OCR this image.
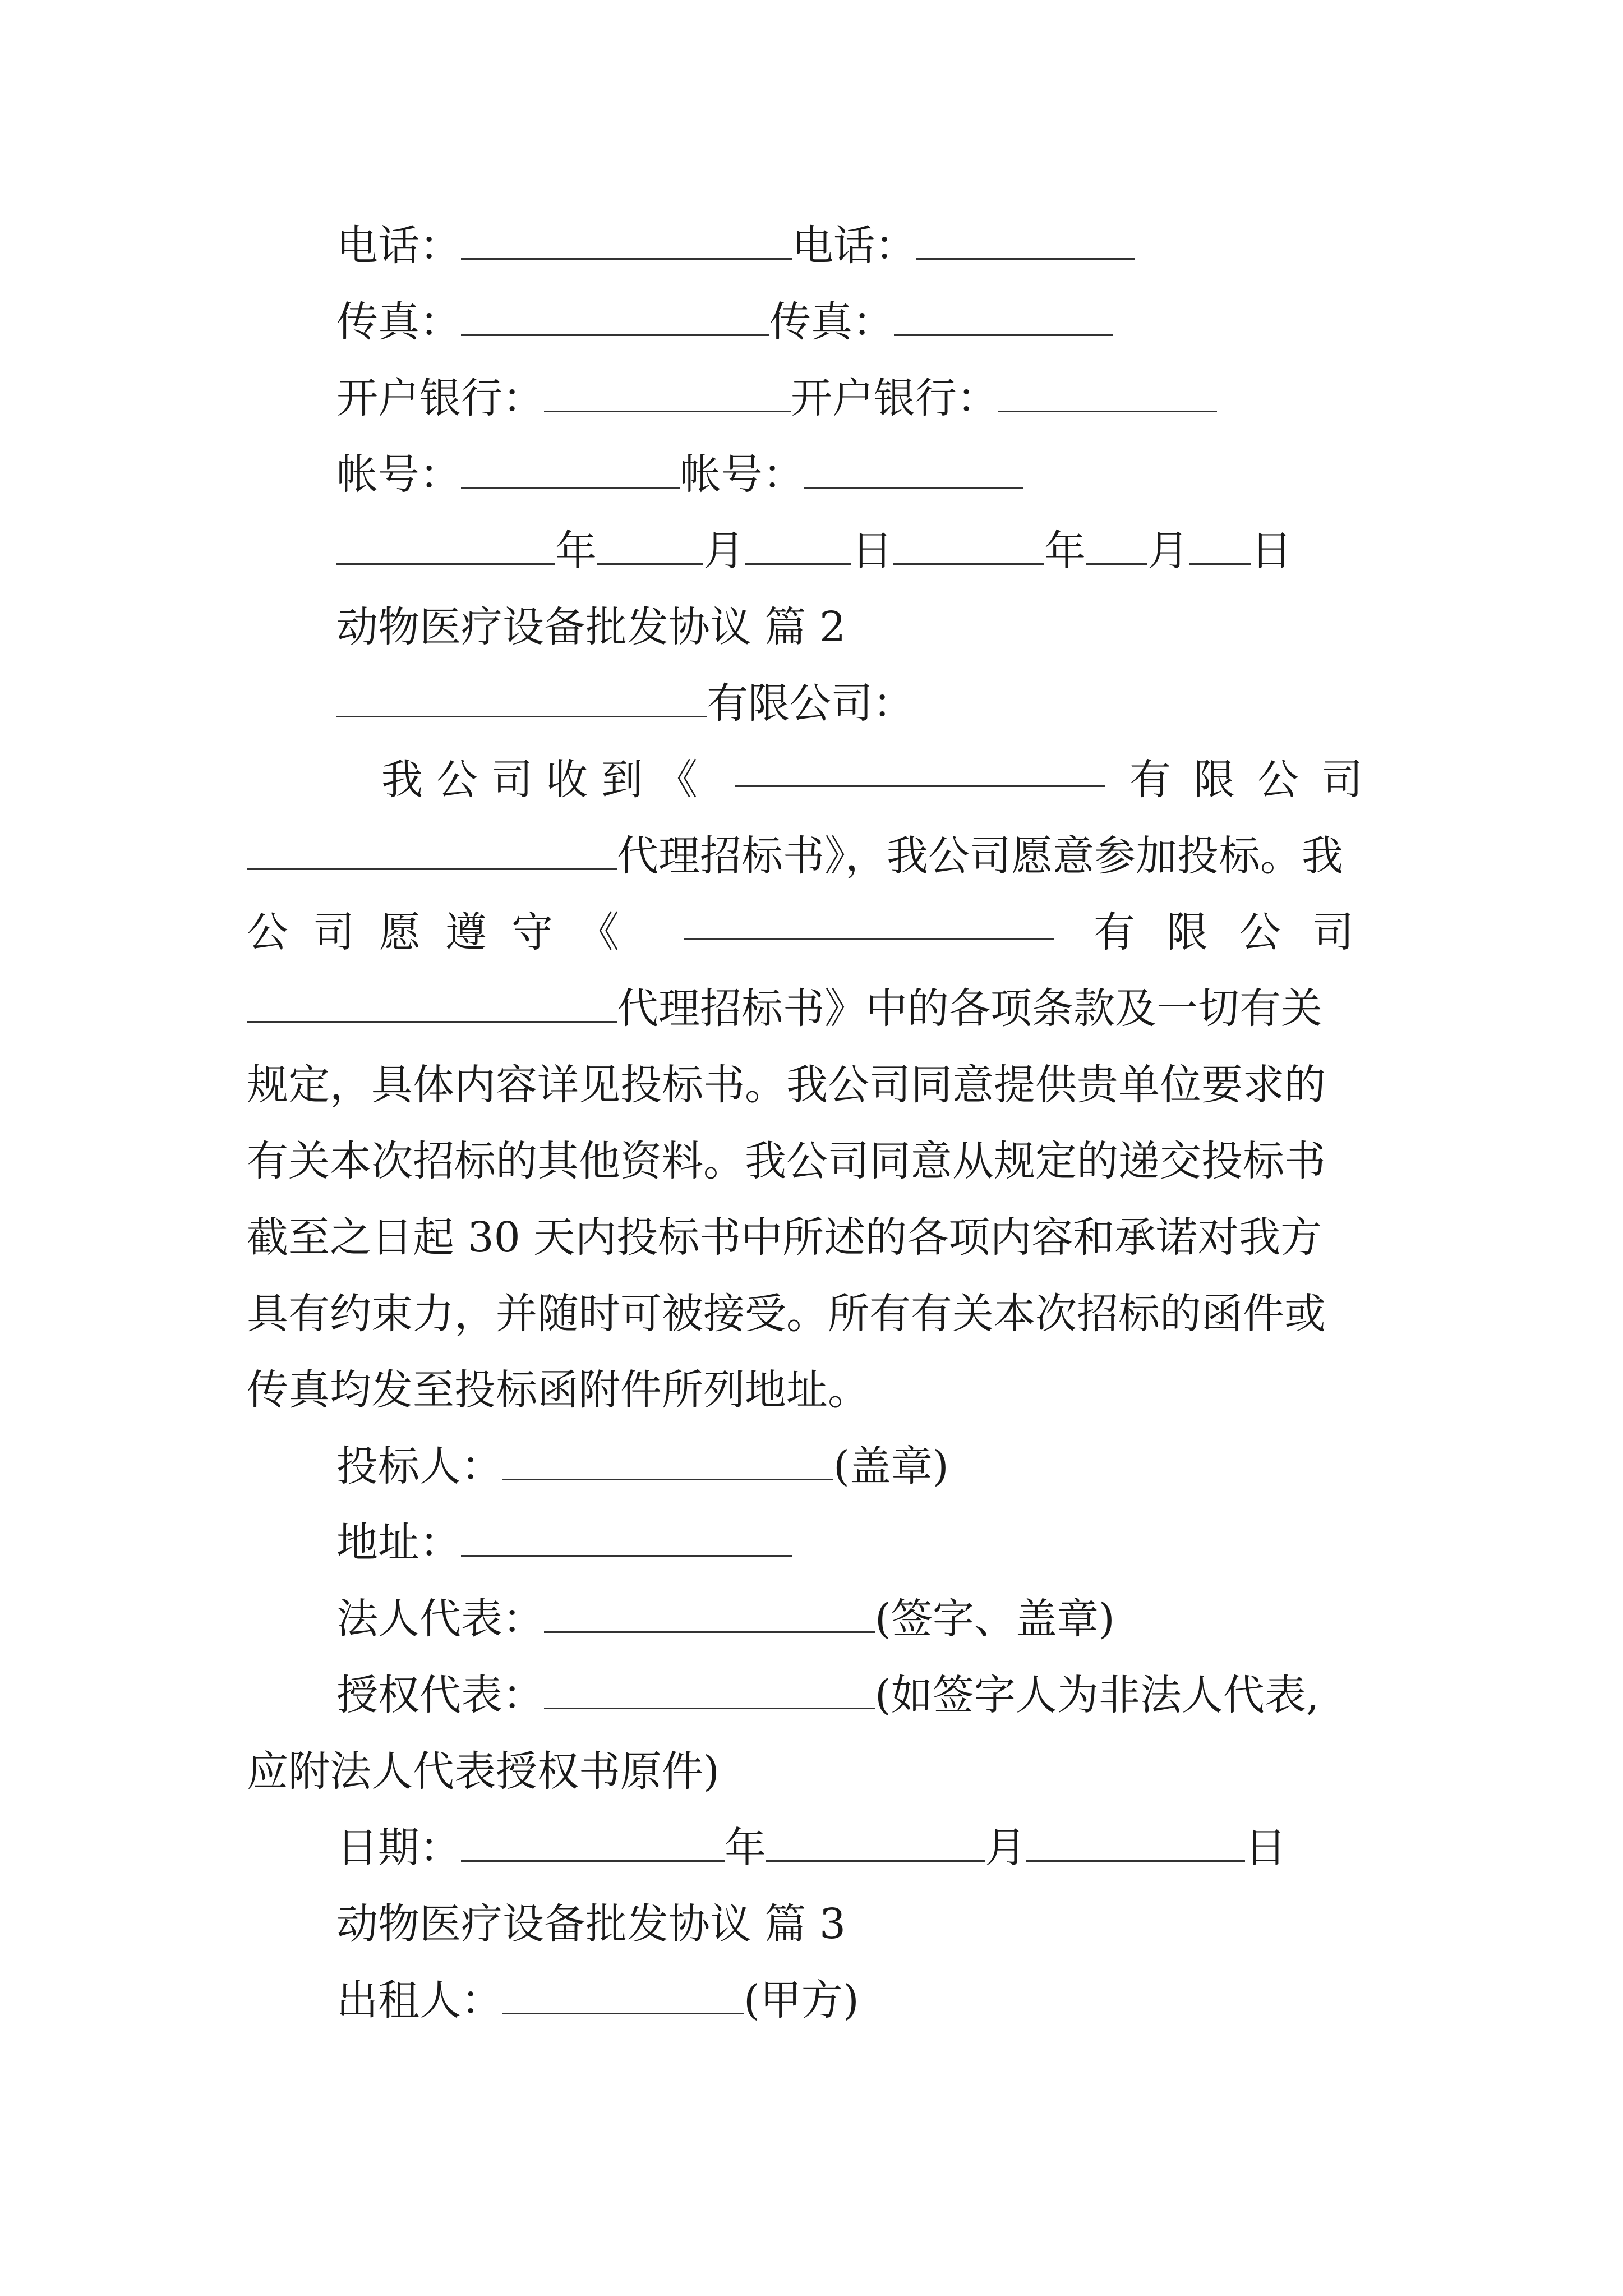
电话：	电话：
传真：	传真：
开户银行：	开户银行：
帐号：	帐号：
年	月	日	年 月 日
动物医疗设备批发协议 篇 2
有限公司：
我公司收到《	有限公司
代理招标书》，我公司愿意参加投标。我
公司愿遵守《	有限公司
代理招标书》中的各项条款及一切有关
规定，具体内容详见投标书。我公司同意提供贵单位要求的
有关本次招标的其他资料。我公司同意从规定的递交投标书
截至之日起 30 天内投标书中所述的各项内容和承诺对我方
具有约束力，并随时可被接受。所有有关本次招标的函件或
传真均发至投标函附件所列地址。
投标人：	(盖章)
地址：
法人代表：	(签字、盖章)
授权代表：	(如签字人为非法人代表,
应附法人代表授权书原件)
日期：	年	月	日
动物医疗设备批发协议 篇 3
出租人：	(甲方)
